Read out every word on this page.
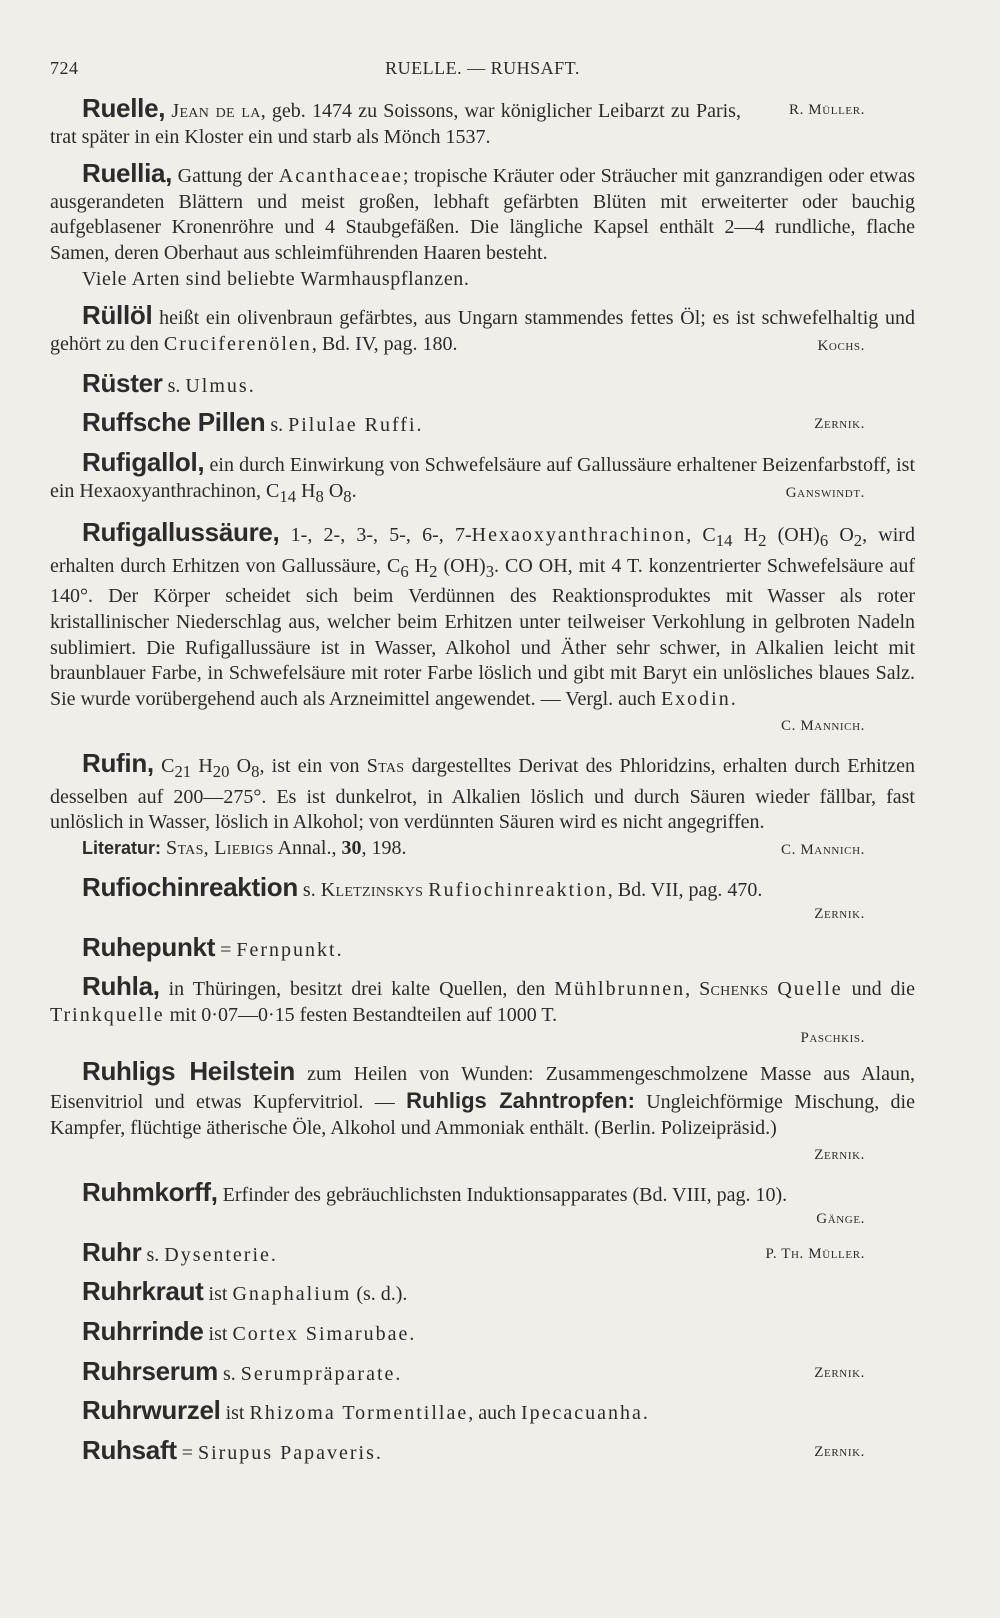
724	RUELLE. — RUHSAFT.

R. Müller.
Ruelle, Jean de la, geb. 1474 zu Soissons, war königlicher Leibarzt zu Paris, trat später in ein Kloster ein und starb als Mönch 1537.

Ruellia, Gattung der Acanthaceae; tropische Kräuter oder Sträucher mit ganzrandigen oder etwas ausgerandeten Blättern und meist großen, lebhaft gefärbten Blüten mit erweiterter oder bauchig aufgeblasener Kronenröhre und 4 Staubgefäßen. Die längliche Kapsel enthält 2—4 rundliche, flache Samen, deren Oberhaut aus schleimführenden Haaren besteht.

Viele Arten sind beliebte Warmhauspflanzen.

Rüllöl heißt ein olivenbraun gefärbtes, aus Ungarn stammendes fettes Öl; es ist schwefelhaltig und gehört zu den Cruciferenölen, Bd. IV, pag. 180.	Kochs.

Rüster s. Ulmus.

Zernik.
Ruffsche Pillen s. Pilulae Ruffi.

Rufigallol, ein durch Einwirkung von Schwefelsäure auf Gallussäure erhaltener Beizenfarbstoff, ist ein Hexaoxyanthrachinon, $C_{14}$ $H_8$ $O_8$.	Ganswindt.

Rufigallussäure, 1-, 2-, 3-, 5-, 6-, 7-Hexaoxyanthrachinon, $C_{14}$ $H_2$ $(OH)_6$ $O_2$, wird erhalten durch Erhitzen von Gallussäure, $C_6$ $H_2$ $(OH)_3$. CO OH, mit 4 T. konzentrierter Schwefelsäure auf 140°. Der Körper scheidet sich beim Verdünnen des Reaktionsproduktes mit Wasser als roter kristallinischer Niederschlag aus, welcher beim Erhitzen unter teilweiser Verkohlung in gelbroten Nadeln sublimiert. Die Rufigallussäure ist in Wasser, Alkohol und Äther sehr schwer, in Alkalien leicht mit braunblauer Farbe, in Schwefelsäure mit roter Farbe löslich und gibt mit Baryt ein unlösliches blaues Salz. Sie wurde vorübergehend auch als Arzneimittel angewendet. — Vergl. auch Exodin.
C. Mannich.

Rufin, $C_{21}$ $H_{20}$ $O_8$, ist ein von Stas dargestelltes Derivat des Phloridzins, erhalten durch Erhitzen desselben auf 200—275°. Es ist dunkelrot, in Alkalien löslich und durch Säuren wieder fällbar, fast unlöslich in Wasser, löslich in Alkohol; von verdünnten Säuren wird es nicht angegriffen.

Literatur: Stas, Liebigs Annal., 30, 198.	C. Mannich.

Rufiochinreaktion s. Kletzinskys Rufiochinreaktion, Bd. VII, pag. 470.

Zernik.

Ruhepunkt = Fernpunkt.

Ruhla, in Thüringen, besitzt drei kalte Quellen, den Mühlbrunnen, Schenks Quelle und die Trinkquelle mit 0·07—0·15 festen Bestandteilen auf 1000 T.

Paschkis.

Ruhligs Heilstein zum Heilen von Wunden: Zusammengeschmolzene Masse aus Alaun, Eisenvitriol und etwas Kupfervitriol. — Ruhligs Zahntropfen: Ungleichförmige Mischung, die Kampfer, flüchtige ätherische Öle, Alkohol und Ammoniak enthält. (Berlin. Polizeipräsid.)
Zernik.

Ruhmkorff, Erfinder des gebräuchlichsten Induktionsapparates (Bd. VIII, pag. 10).

Gänge.

P. Th. Müller.
Ruhr s. Dysenterie.

Ruhrkraut ist Gnaphalium (s. d.).

Ruhrrinde ist Cortex Simarubae.

Zernik.
Ruhrserum s. Serumpräparate.

Ruhrwurzel ist Rhizoma Tormentillae, auch Ipecacuanha.

Zernik.
Ruhsaft = Sirupus Papaveris.
